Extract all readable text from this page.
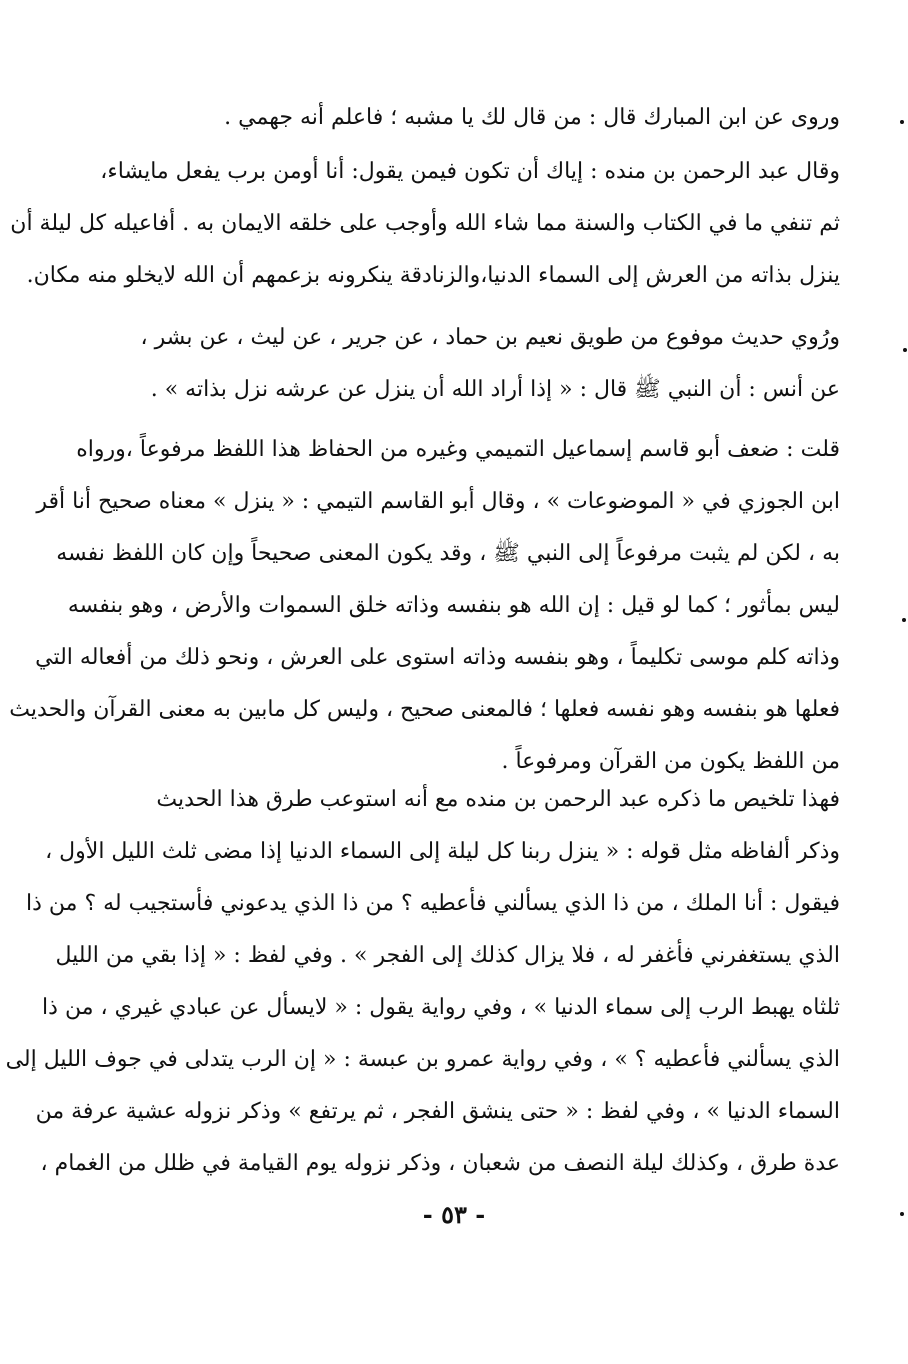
وروى عن ابن المبارك قال : من قال لك يا مشبه ؛ فاعلم أنه جهمي .
وقال عبد الرحمن بن منده : إياك أن تكون فيمن يقول: أنا أومن برب يفعل مايشاء،
ثم تنفي ما في الكتاب والسنة مما شاء الله وأوجب على خلقه الايمان به . أفاعيله كل ليلة أن
ينزل بذاته من العرش إلى السماء الدنيا،والزنادقة ينكرونه بزعمهم أن الله لايخلو منه مكان.
ورُوي حديث موفوع من طويق نعيم بن حماد ، عن جرير ، عن ليث ، عن بشر ،
عن أنس : أن النبي ﷺ قال : « إذا أراد الله أن ينزل عن عرشه نزل بذاته » .
قلت : ضعف أبو قاسم إسماعيل التميمي وغيره من الحفاظ هذا اللفظ مرفوعاً ،ورواه
ابن الجوزي في « الموضوعات » ، وقال أبو القاسم التيمي : « ينزل » معناه صحيح أنا أقر
به ، لكن لم يثبت مرفوعاً إلى النبي ﷺ ، وقد يكون المعنى صحيحاً وإن كان اللفظ نفسه
ليس بمأثور ؛ كما لو قيل : إن الله هو بنفسه وذاته خلق السموات والأرض ، وهو بنفسه
وذاته كلم موسى تكليماً ، وهو بنفسه وذاته استوى على العرش ، ونحو ذلك من أفعاله التي
فعلها هو بنفسه وهو نفسه فعلها ؛ فالمعنى صحيح ، وليس كل مابين به معنى القرآن والحديث
من اللفظ يكون من القرآن ومرفوعاً .
فهذا تلخيص ما ذكره عبد الرحمن بن منده مع أنه استوعب طرق هذا الحديث
وذكر ألفاظه مثل قوله : « ينزل ربنا كل ليلة إلى السماء الدنيا إذا مضى ثلث الليل الأول ،
فيقول : أنا الملك ، من ذا الذي يسألني فأعطيه ؟ من ذا الذي يدعوني فأستجيب له ؟ من ذا
الذي يستغفرني فأغفر له ، فلا يزال كذلك إلى الفجر » . وفي لفظ : « إذا بقي من الليل
ثلثاه يهبط الرب إلى سماء الدنيا » ، وفي رواية يقول : « لايسأل عن عبادي غيري ، من ذا
الذي يسألني فأعطيه ؟ » ، وفي رواية عمرو بن عبسة : « إن الرب يتدلى في جوف الليل إلى
السماء الدنيا » ، وفي لفظ : « حتى ينشق الفجر ، ثم يرتفع » وذكر نزوله عشية عرفة من
عدة طرق ، وكذلك ليلة النصف من شعبان ، وذكر نزوله يوم القيامة في ظلل من الغمام ،
- ٥٣ -
